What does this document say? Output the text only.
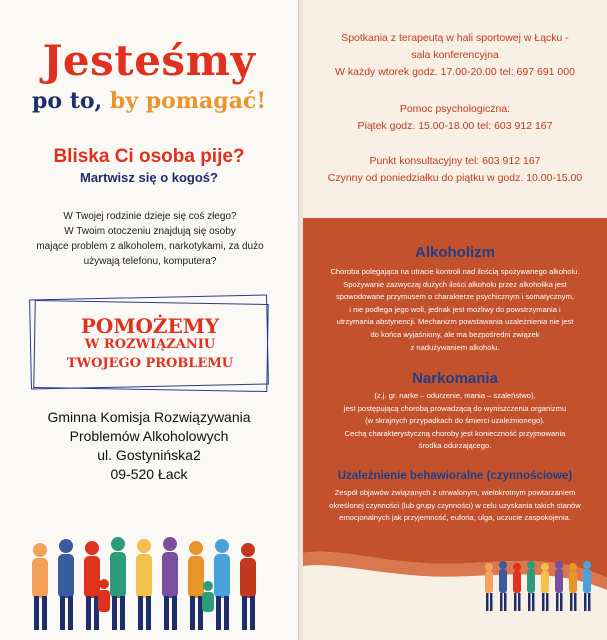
Jesteśmy
po to, by pomagać!
Bliska Ci osoba pije?
Martwisz się o kogoś?
W Twojej rodzinie dzieje się coś złego?
W Twoim otoczeniu znajdują się osoby
mające problem z alkoholem, narkotykami, za dużo
używają telefonu, komputera?
POMOŻEMY
W ROZWIĄZANIU
TWOJEGO PROBLEMU
Gminna Komisja Rozwiązywania
Problemów Alkoholowych
ul. Gostynińska2
09-520 Łack
Spotkania z terapeutą w hali sportowej w Łącku -
sala konferencyjna
W każdy wtorek godz. 17.00-20.00 tel: 697 691 000
Pomoc psychologiczna:
Piątek godz. 15.00-18.00 tel: 603 912 167
Punkt konsultacyjny tel: 603 912 167
Czynny od poniedziałku do piątku w godz. 10.00-15.00
Alkoholizm
Choroba polegająca na utracie kontroli nad ilością spożywanego alkoholu.
Spożywanie zazwyczaj dużych ilości alkoholu przez alkoholika jest
spowodowane przymusem o charakterze psychicznym i somatycznym,
i nie podlega jego woli, jednak jest możliwy do powstrzymania i
utrzymania abstynencji. Mechanizm powstawania uzależnienia nie jest
do końca wyjaśniony, ale ma bezpośredni związek
z nadużywaniem alkoholu.
Narkomania
(z.j. gr. narke – odurzenie, mania – szaleństwo),
jest postępującą chorobą prowadzącą do wyniszczenia organizmu
(w skrajnych przypadkach do śmierci uzależnionego).
Cechą charakterystyczną choroby jest konieczność przyjmowania
środka odurzającego.
Uzależnienie behawioralne (czynnościowe)
Zespół objawów związanych z utrwalonym, wielokrotnym powtarzaniem
określonej czynności (lub grupy czynności) w celu uzyskania takich stanów
emocjonalnych jak przyjemność, euforia, ulga, uczucie zaspokojenia.
